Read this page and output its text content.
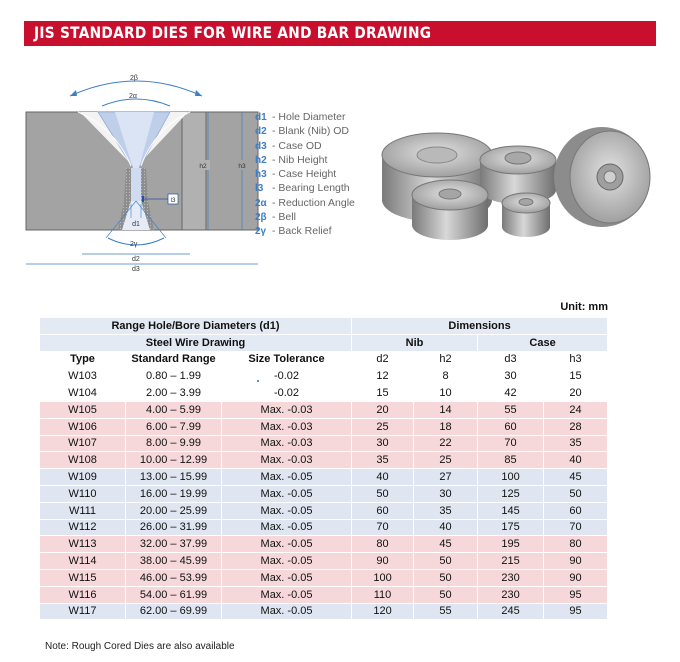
JIS STANDARD DIES FOR WIRE AND BAR DRAWING
l3
2β
2α
h2	h3
d1
2γ
d2
d3
d1 - Hole Diameter
d2 - Blank (Nib) OD
d3 - Case OD
h2 - Nib Height
h3 - Case Height
l3 - Bearing Length
2α - Reduction Angle
2β - Bell
2γ - Back Relief
Unit: mm
Range Hole/Bore Diameters (d1)			Dimensions			
Steel Wire Drawing			Nib		Case	
Type	Standard Range	Size Tolerance	d2	h2	d3	h3
W103	0.80 – 1.99	-0.02	12	8	30	15
W104	2.00 – 3.99	-0.02	15	10	42	20
W105	4.00 – 5.99	Max. -0.03	20	14	55	24
W106	6.00 – 7.99	Max. -0.03	25	18	60	28
W107	8.00 – 9.99	Max. -0.03	30	22	70	35
W108	10.00 – 12.99	Max. -0.03	35	25	85	40
W109	13.00 – 15.99	Max. -0.05	40	27	100	45
W110	16.00 – 19.99	Max. -0.05	50	30	125	50
W111	20.00 – 25.99	Max. -0.05	60	35	145	60
W112	26.00 – 31.99	Max. -0.05	70	40	175	70
W113	32.00 – 37.99	Max. -0.05	80	45	195	80
W114	38.00 – 45.99	Max. -0.05	90	50	215	90
W115	46.00 – 53.99	Max. -0.05	100	50	230	90
W116	54.00 – 61.99	Max. -0.05	110	50	230	95
W117	62.00 – 69.99	Max. -0.05	120	55	245	95
Note: Rough Cored Dies are also available
